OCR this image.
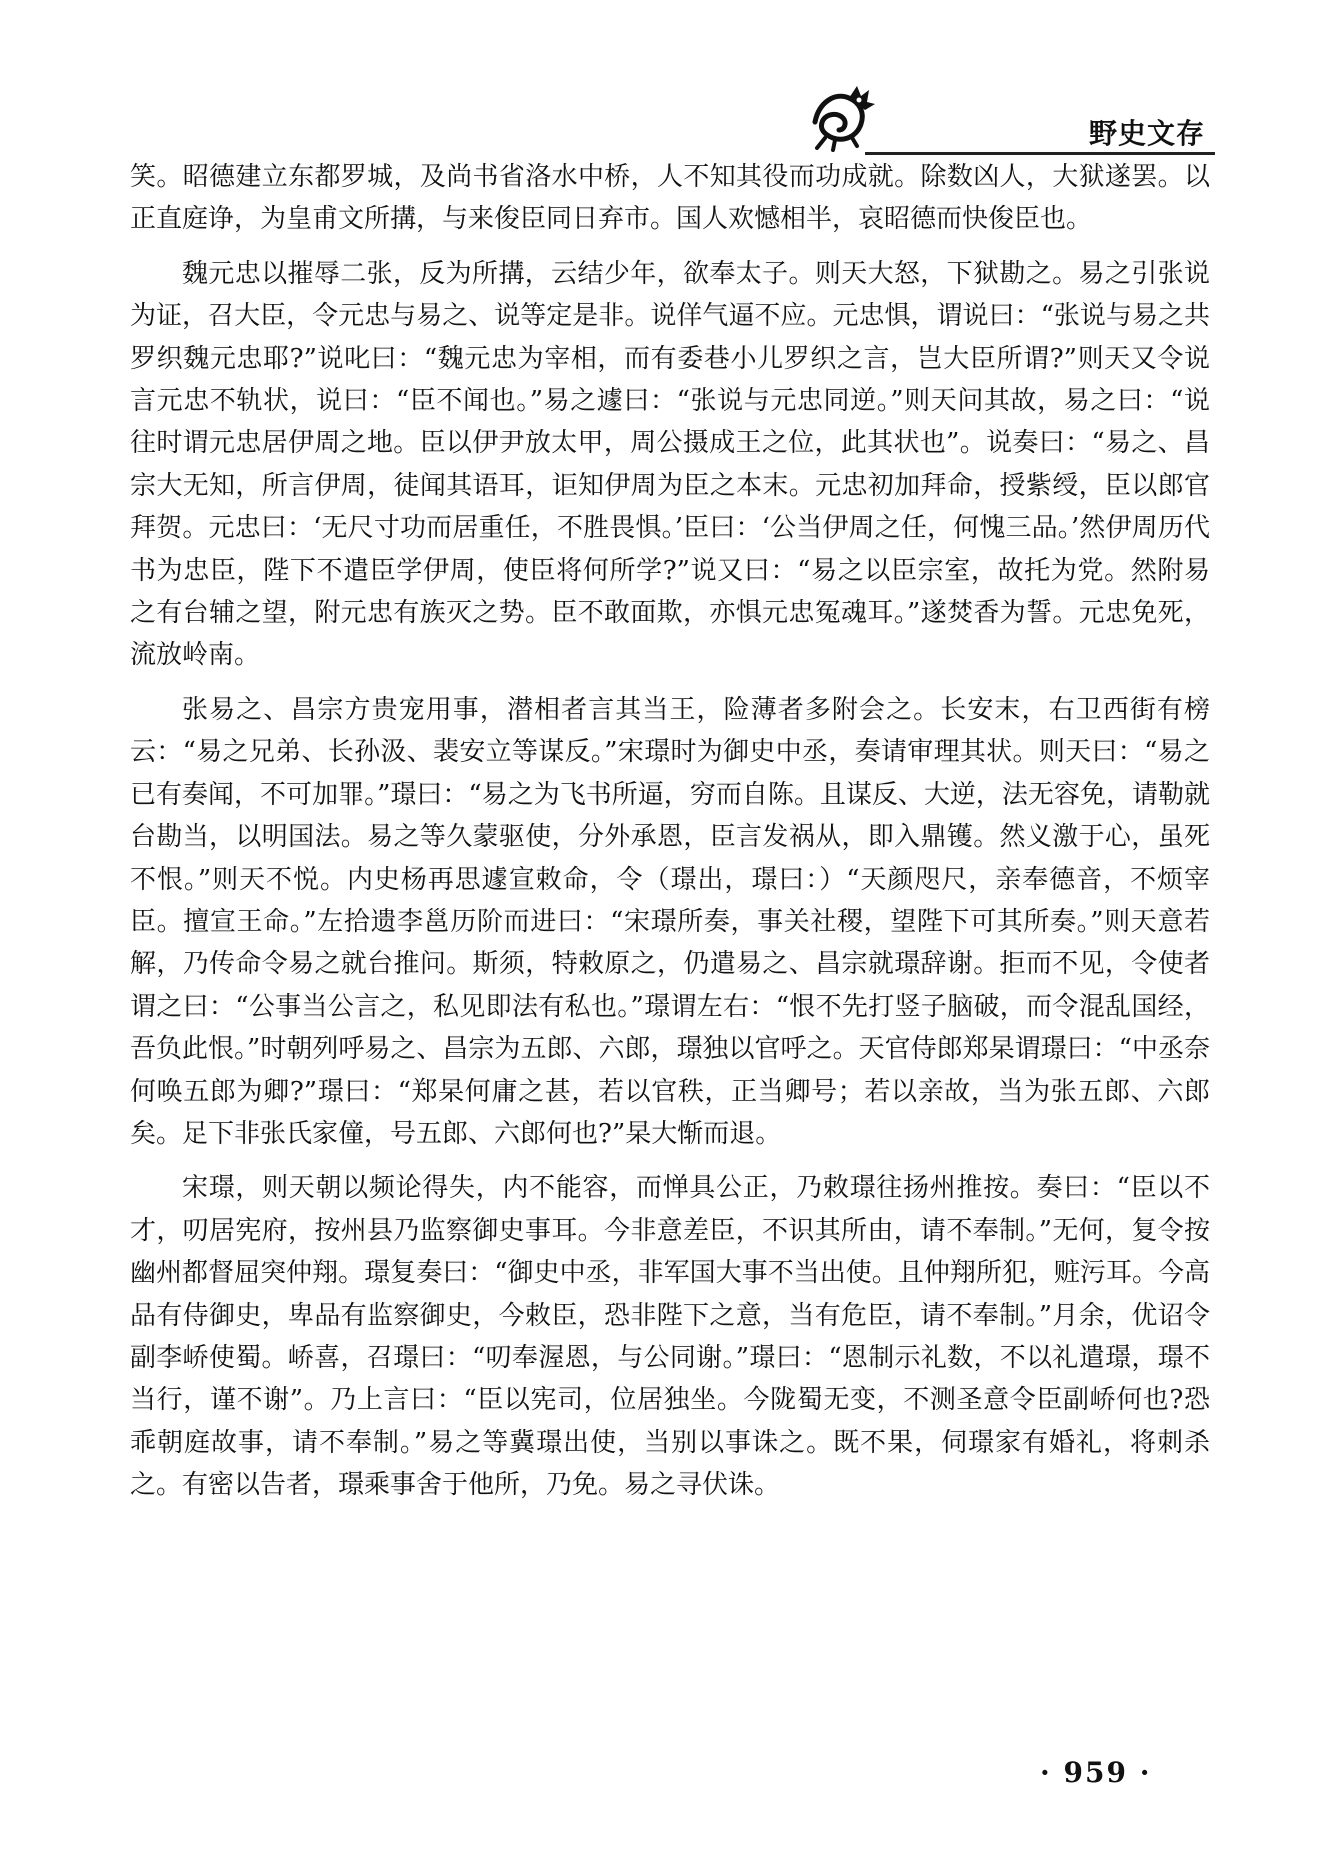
野史文存

笑。昭德建立东都罗城，及尚书省洛水中桥，人不知其役而功成就。除数凶人，大狱遂罢。以正直庭诤，为皇甫文所搆，与来俊臣同日弃市。国人欢憾相半，哀昭德而快俊臣也。

魏元忠以摧辱二张，反为所搆，云结少年，欲奉太子。则天大怒，下狱勘之。易之引张说为证，召大臣，令元忠与易之、说等定是非。说佯气逼不应。元忠惧，谓说曰：“张说与易之共罗织魏元忠耶?”说叱曰：“魏元忠为宰相，而有委巷小儿罗织之言，岂大臣所谓?”则天又令说言元忠不轨状，说曰：“臣不闻也。”易之遽曰：“张说与元忠同逆。”则天问其故，易之曰：“说往时谓元忠居伊周之地。臣以伊尹放太甲，周公摄成王之位，此其状也”。说奏曰：“易之、昌宗大无知，所言伊周，徒闻其语耳，讵知伊周为臣之本末。元忠初加拜命，授紫绶，臣以郎官拜贺。元忠曰：‘无尺寸功而居重任，不胜畏惧。’臣曰：‘公当伊周之任，何愧三品。’然伊周历代书为忠臣，陛下不遣臣学伊周，使臣将何所学?”说又曰：“易之以臣宗室，故托为党。然附易之有台辅之望，附元忠有族灭之势。臣不敢面欺，亦惧元忠冤魂耳。”遂焚香为誓。元忠免死，流放岭南。

张易之、昌宗方贵宠用事，潜相者言其当王，险薄者多附会之。长安末，右卫西街有榜云：“易之兄弟、长孙汲、裴安立等谋反。”宋璟时为御史中丞，奏请审理其状。则天曰：“易之已有奏闻，不可加罪。”璟曰：“易之为飞书所逼，穷而自陈。且谋反、大逆，法无容免，请勒就台勘当，以明国法。易之等久蒙驱使，分外承恩，臣言发祸从，即入鼎镬。然义激于心，虽死不恨。”则天不悦。内史杨再思遽宣敕命，令（璟出，璟曰：）“天颜咫尺，亲奉德音，不烦宰臣。擅宣王命。”左拾遗李邕历阶而进曰：“宋璟所奏，事关社稷，望陛下可其所奏。”则天意若解，乃传命令易之就台推问。斯须，特敕原之，仍遣易之、昌宗就璟辞谢。拒而不见，令使者谓之曰：“公事当公言之，私见即法有私也。”璟谓左右：“恨不先打竖子脑破，而令混乱国经，吾负此恨。”时朝列呼易之、昌宗为五郎、六郎，璟独以官呼之。天官侍郎郑杲谓璟曰：“中丞奈何唤五郎为卿?”璟曰：“郑杲何庸之甚，若以官秩，正当卿号；若以亲故，当为张五郎、六郎矣。足下非张氏家僮，号五郎、六郎何也?”杲大惭而退。

宋璟，则天朝以频论得失，内不能容，而惮具公正，乃敕璟往扬州推按。奏曰：“臣以不才，叨居宪府，按州县乃监察御史事耳。今非意差臣，不识其所由，请不奉制。”无何，复令按幽州都督屈突仲翔。璟复奏曰：“御史中丞，非军国大事不当出使。且仲翔所犯，赃污耳。今高品有侍御史，卑品有监察御史，今敕臣，恐非陛下之意，当有危臣，请不奉制。”月余，优诏令副李峤使蜀。峤喜，召璟曰：“叨奉渥恩，与公同谢。”璟曰：“恩制示礼数，不以礼遣璟，璟不当行，谨不谢”。乃上言曰：“臣以宪司，位居独坐。今陇蜀无变，不测圣意令臣副峤何也?恐乖朝庭故事，请不奉制。”易之等冀璟出使，当别以事诛之。既不果，伺璟家有婚礼，将刺杀之。有密以告者，璟乘事舍于他所，乃免。易之寻伏诛。

· 959 ·
